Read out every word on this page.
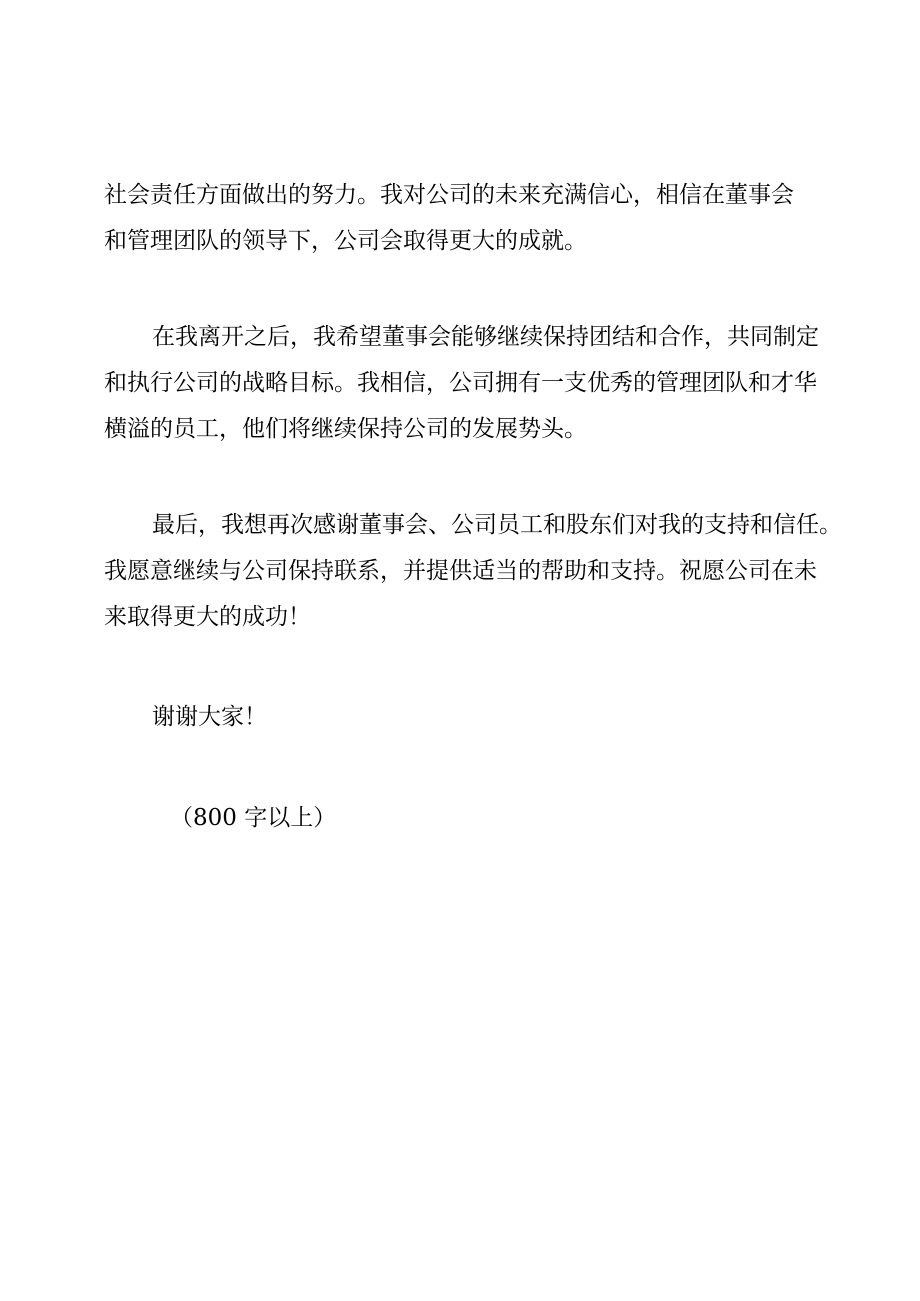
社会责任方面做出的努力。我对公司的未来充满信心，相信在董事会
和管理团队的领导下，公司会取得更大的成就。
在我离开之后，我希望董事会能够继续保持团结和合作，共同制定
和执行公司的战略目标。我相信，公司拥有一支优秀的管理团队和才华
横溢的员工，他们将继续保持公司的发展势头。
最后，我想再次感谢董事会、公司员工和股东们对我的支持和信任。
我愿意继续与公司保持联系，并提供适当的帮助和支持。祝愿公司在未
来取得更大的成功！
谢谢大家！

（800 字以上）
